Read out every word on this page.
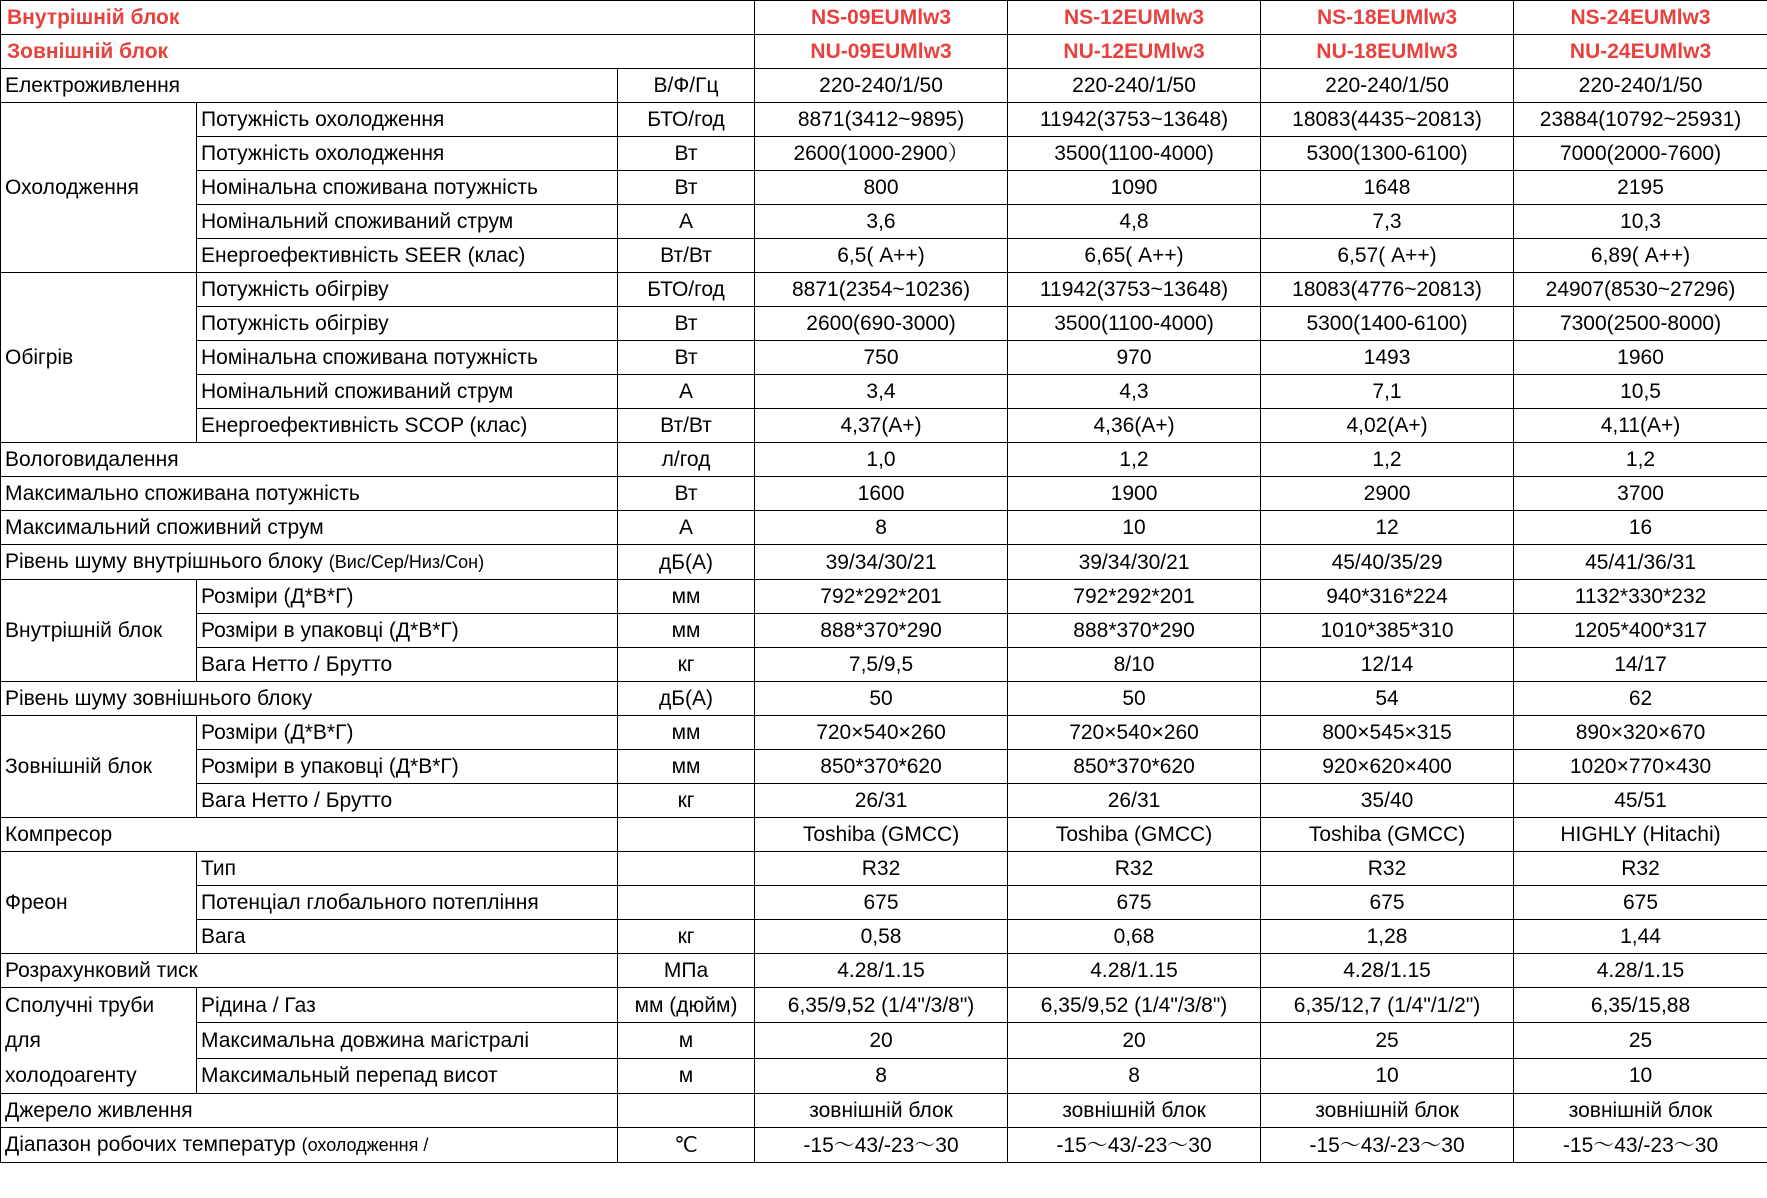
Внутрішній блок			NS-09EUMlw3	NS-12EUMlw3	NS-18EUMlw3	NS-24EUMlw3
Зовнішній блок			NU-09EUMlw3	NU-12EUMlw3	NU-18EUMlw3	NU-24EUMlw3
Електроживлення		В/Ф/Гц	220-240/1/50	220-240/1/50	220-240/1/50	220-240/1/50
Охолодження	Потужність охолодження	БТО/год	8871(3412~9895)	11942(3753~13648)	18083(4435~20813)	23884(10792~25931)
	Потужність охолодження	Вт	2600(1000-2900）	3500(1100-4000)	5300(1300-6100)	7000(2000-7600)
	Номінальна споживана потужність	Вт	800	1090	1648	2195
	Номінальний споживаний струм	А	3,6	4,8	7,3	10,3
	Енергоефективність SEER (клас)	Вт/Вт	6,5( А++)	6,65( А++)	6,57( А++)	6,89( А++)
Обігрів	Потужність обігріву	БТО/год	8871(2354~10236)	11942(3753~13648)	18083(4776~20813)	24907(8530~27296)
	Потужність обігріву	Вт	2600(690-3000)	3500(1100-4000)	5300(1400-6100)	7300(2500-8000)
	Номінальна споживана потужність	Вт	750	970	1493	1960
	Номінальний споживаний струм	А	3,4	4,3	7,1	10,5
	Енергоефективність SCOP (клас)	Вт/Вт	4,37(А+)	4,36(А+)	4,02(А+)	4,11(А+)
Вологовидалення		л/год	1,0	1,2	1,2	1,2
Максимально споживана потужність		Вт	1600	1900	2900	3700
Максимальний споживний струм		А	8	10	12	16
Рівень шуму внутрішнього блоку (Вис/Сер/Низ/Сон)		дБ(А)	39/34/30/21	39/34/30/21	45/40/35/29	45/41/36/31
Внутрішній блок	Розміри (Д*В*Г)	мм	792*292*201	792*292*201	940*316*224	1132*330*232
	Розміри в упаковці (Д*В*Г)	мм	888*370*290	888*370*290	1010*385*310	1205*400*317
	Вага Нетто / Брутто	кг	7,5/9,5	8/10	12/14	14/17
Рівень шуму зовнішнього блоку		дБ(А)	50	50	54	62
Зовнішній блок	Розміри (Д*В*Г)	мм	720×540×260	720×540×260	800×545×315	890×320×670
	Розміри в упаковці (Д*В*Г)	мм	850*370*620	850*370*620	920×620×400	1020×770×430
	Вага Нетто / Брутто	кг	26/31	26/31	35/40	45/51
Компресор			Toshiba (GMCC)	Toshiba (GMCC)	Toshiba (GMCC)	HIGHLY (Hitachi)
Фреон	Тип		R32	R32	R32	R32
	Потенціал глобального потепління		675	675	675	675
	Вага	кг	0,58	0,68	1,28	1,44
Розрахунковий тиск		МПа	4.28/1.15	4.28/1.15	4.28/1.15	4.28/1.15

Сполучні труби
для
холодоагенту	Рідина / Газ	мм (дюйм)	6,35/9,52 (1/4"/3/8")	6,35/9,52 (1/4"/3/8")	6,35/12,7 (1/4"/1/2")	6,35/15,88
	Максимальна довжина магістралі	м	20	20	25	25
	Максимальный перепад висот	м	8	8	10	10
Джерело живлення			зовнішній блок	зовнішній блок	зовнішній блок	зовнішній блок
Діапазон робочих температур (охолодження /		℃	-15～43/-23～30	-15～43/-23～30	-15～43/-23～30	-15～43/-23～30
